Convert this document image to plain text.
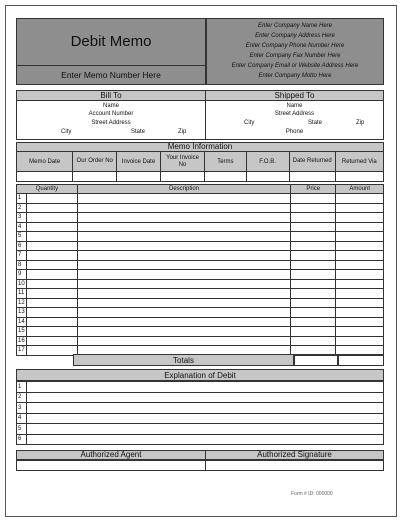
Debit Memo
Enter Memo Number Here
Enter Company Name Here
Enter Company Address Here
Enter Company Phone Number Here
Enter Company Fax Number Here
Enter Company Email or Website Address Here
Enter Company Motto Here
Bill To	Shipped To
Name
Account Number
Street Address
City	State	Zip
Name
Street Address
City	State	Zip
Phone
Memo Information
Memo Date	Our Order No	Invoice Date	Your Invoice No	Terms	F.O.B.	Date Returned	Returned Via

Quantity		Description	Price	Amount
1				
2				
3				
4				
5				
6				
7				
8				
9				
10				
11				
12				
13				
14				
15				
16				
17				
Totals
Explanation of Debit
1	
2	
3	
4	
5	
6	
Authorized Agent	Authorized Signature
Form # ID: 000000
